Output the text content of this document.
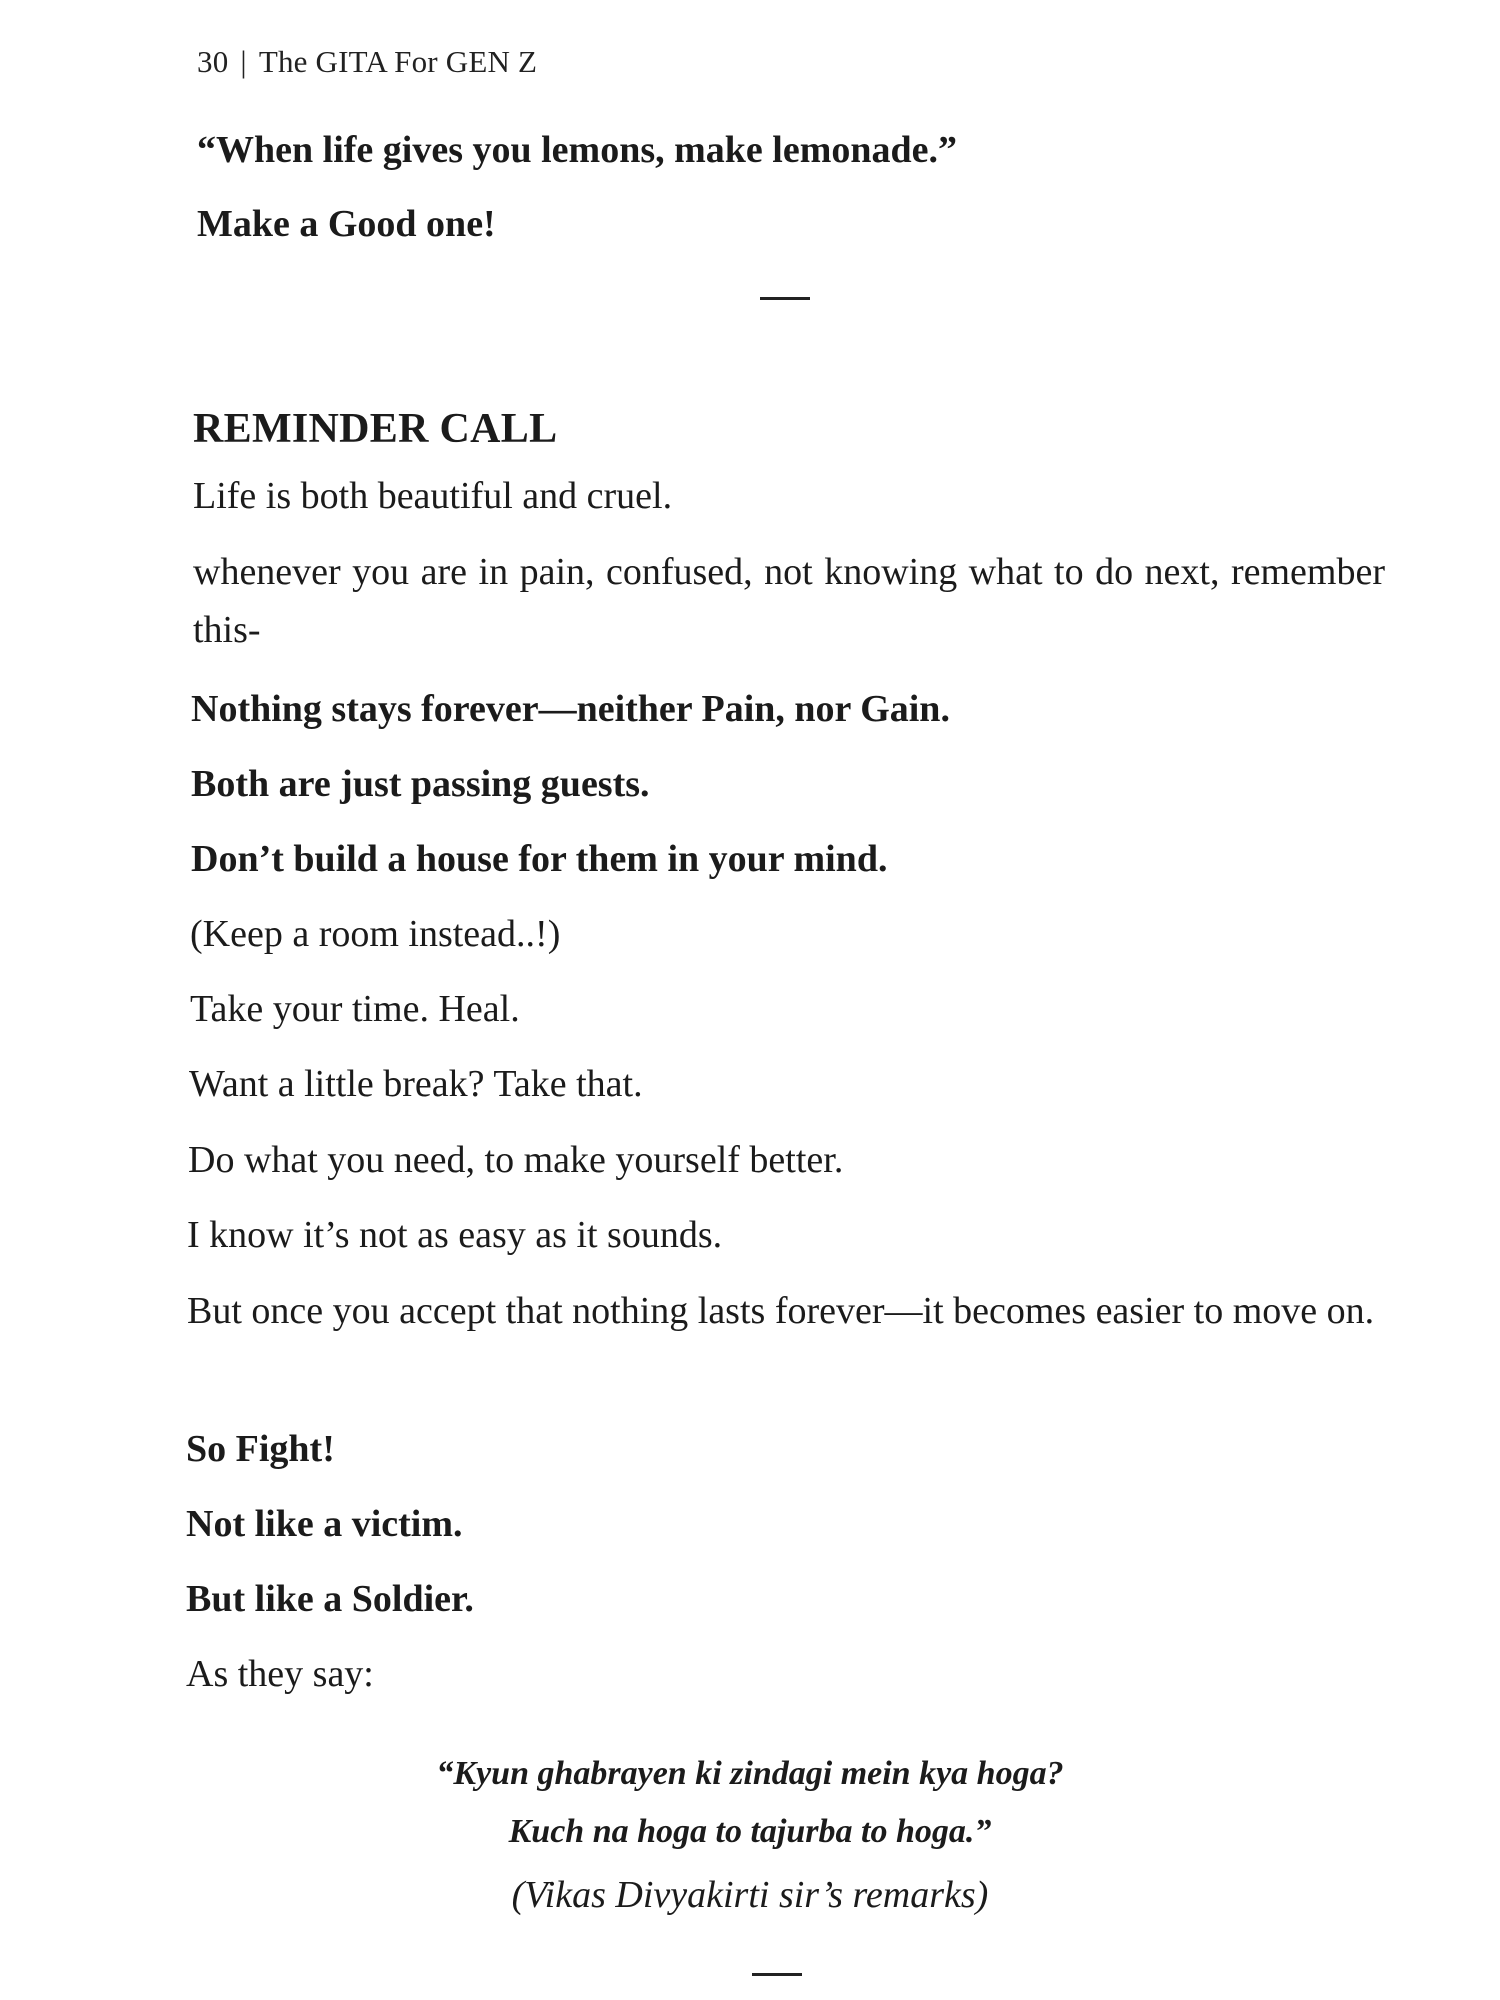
30 | The GITA For GEN Z
“When life gives you lemons, make lemonade.”
Make a Good one!
REMINDER CALL
Life is both beautiful and cruel.
whenever you are in pain, confused, not knowing what to do next, remember this-
Nothing stays forever—neither Pain, nor Gain.
Both are just passing guests.
Don’t build a house for them in your mind.
(Keep a room instead..!)
Take your time. Heal.
Want a little break? Take that.
Do what you need, to make yourself better.
I know it’s not as easy as it sounds.
But once you accept that nothing lasts forever—it becomes easier to move on.
So Fight!
Not like a victim.
But like a Soldier.
As they say:
“Kyun ghabrayen ki zindagi mein kya hoga?
Kuch na hoga to tajurba to hoga.”
(Vikas Divyakirti sir’s remarks)
